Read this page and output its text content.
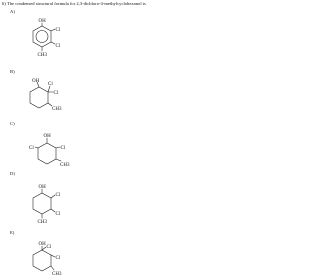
6) The condensed structural formula for 2,3-dichloro-4-methylcyclohexanol is
A)
B)
C)
D)
E)
OH
Cl
Cl
CH3
OH
Cl
Cl
CH3
OH
Cl	Cl
CH3
OH
Cl
Cl
CH3
OH
Cl
Cl
CH3
